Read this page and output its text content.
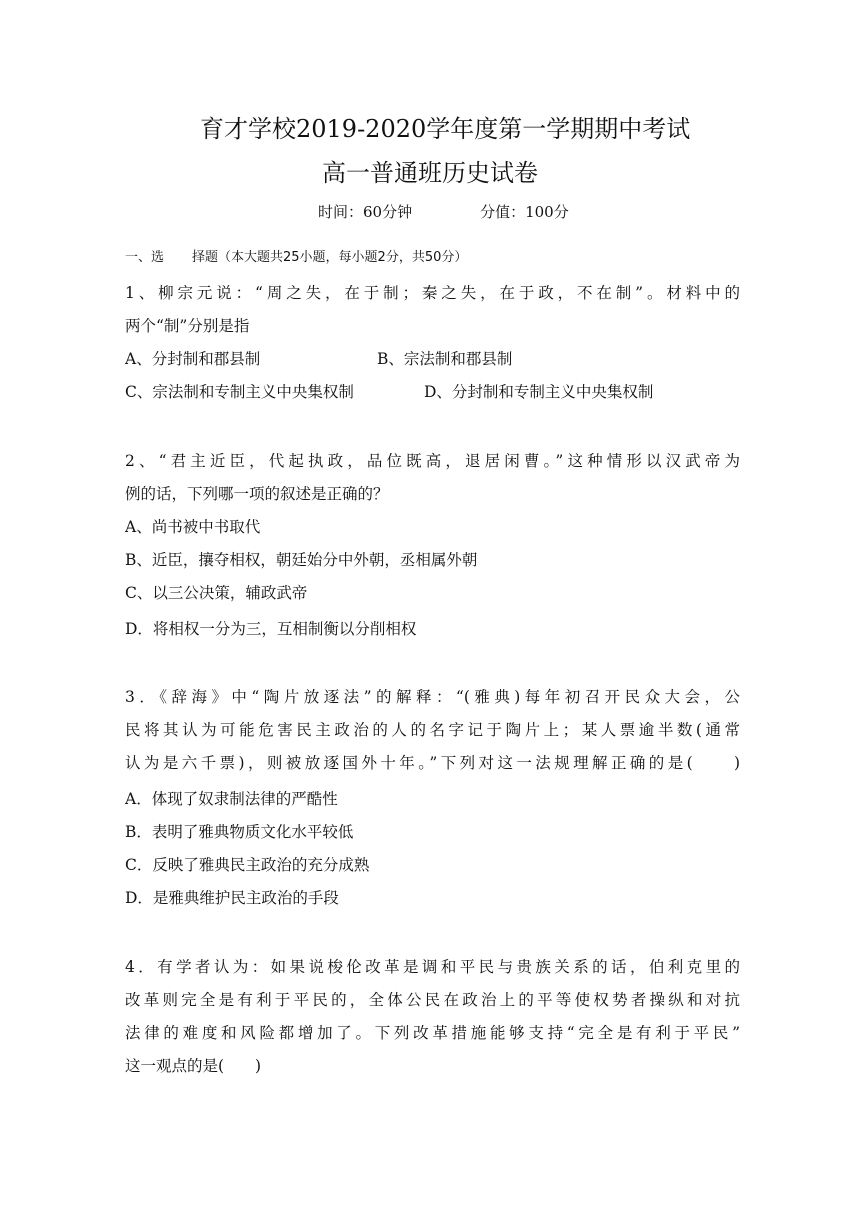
育才学校2019-2020学年度第一学期期中考试
高一普通班历史试卷
时间：60分钟	分值：100分
一、选 择题（本大题共25小题，每小题2分，共50分）
1、柳宗元说：“周之失，在于制；秦之失，在于政，不在制”。材料中的
两个“制”分别是指
A、分封制和郡县制	B、宗法制和郡县制
C、宗法制和专制主义中央集权制	D、分封制和专制主义中央集权制
2、“君主近臣，代起执政，品位既高，退居闲曹。”这种情形以汉武帝为
例的话，下列哪一项的叙述是正确的？
A、尚书被中书取代
B、近臣，攘夺相权，朝廷始分中外朝，丞相属外朝
C、以三公决策，辅政武帝
D．将相权一分为三，互相制衡以分削相权
3．《辞海》中“陶片放逐法”的解释：“(雅典)每年初召开民众大会，公
民将其认为可能危害民主政治的人的名字记于陶片上；某人票逾半数(通常
认为是六千票)，则被放逐国外十年。”下列对这一法规理解正确的是(　　)
A．体现了奴隶制法律的严酷性
B．表明了雅典物质文化水平较低
C．反映了雅典民主政治的充分成熟
D．是雅典维护民主政治的手段
4．有学者认为：如果说梭伦改革是调和平民与贵族关系的话，伯利克里的
改革则完全是有利于平民的，全体公民在政治上的平等使权势者操纵和对抗
法律的难度和风险都增加了。下列改革措施能够支持“完全是有利于平民”
这一观点的是(　　)
